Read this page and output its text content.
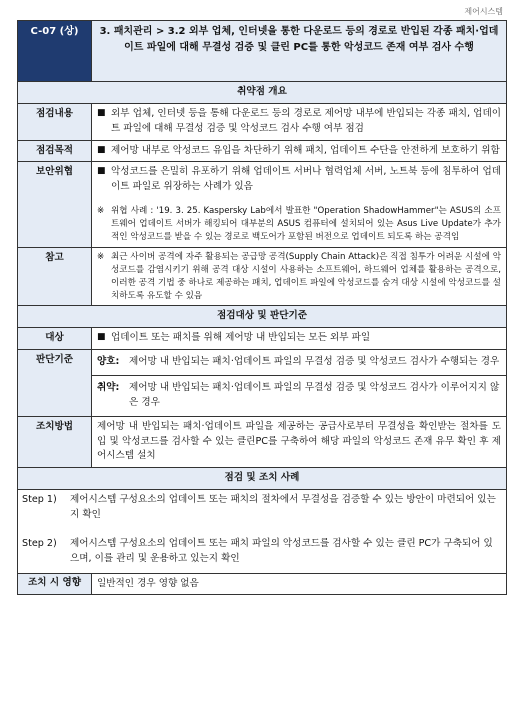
제어시스템
C-07 (상)	3. 패치관리 > 3.2 외부 업체, 인터넷을 통한 다운로드 등의 경로로 반입된 각종 패치·업데이트 파일에 대해 무결성 검증 및 클린 PC를 통한 악성코드 존재 여부 검사 수행
취약점 개요	
점검내용	■ 외부 업체, 인터넷 등을 통해 다운로드 등의 경로로 제어망 내부에 반입되는 각종 패치, 업데이트 파일에 대해 무결성 검증 및 악성코드 검사 수행 여부 점검

점검목적	■ 제어망 내부로 악성코드 유입을 차단하기 위해 패치, 업데이트 수단을 안전하게 보호하기 위함

보안위협	■ 악성코드를 은밀히 유포하기 위해 업데이트 서버나 협력업체 서버, 노트북 등에 침투하여 업데이트 파일로 위장하는 사례가 있음
※ 위협 사례 : '19. 3. 25. Kaspersky Lab에서 발표한 "Operation ShadowHammer"는 ASUS의 소프트웨어 업데이트 서버가 해킹되어 대부분의 ASUS 컴퓨터에 설치되어 있는 Asus Live Update가 추가적인 악성코드를 받을 수 있는 경로로 백도어가 포함된 버전으로 업데이트 되도록 하는 공격임

참고	※ 최근 사이버 공격에 자주 활용되는 공급망 공격(Supply Chain Attack)은 직접 침투가 어려운 시설에 악성코드를 감염시키기 위해 공격 대상 시설이 사용하는 소프트웨어, 하드웨어 업체를 활용하는 공격으로, 이러한 공격 기법 중 하나로 제공하는 패치, 업데이트 파일에 악성코드를 숨겨 대상 시설에 악성코드를 설치하도록 유도할 수 있음

점검대상 및 판단기준	
대상	■ 업데이트 또는 패치를 위해 제어망 내 반입되는 모든 외부 파일

판단기준	양호: 제어망 내 반입되는 패치·업데이트 파일의 무결성 검증 및 악성코드 검사가 수행되는 경우
취약: 제어망 내 반입되는 패치·업데이트 파일의 무결성 검증 및 악성코드 검사가 이루어지지 않은 경우

조치방법	제어망 내 반입되는 패치·업데이트 파일을 제공하는 공급사로부터 무결성을 확인받는 절차를 도입 및 악성코드를 검사할 수 있는 클린PC를 구축하여 해당 파일의 악성코드 존재 유무 확인 후 제어시스템 설치
점검 및 조치 사례	

Step 1) 제어시스템 구성요소의 업데이트 또는 패치의 절차에서 무결성을 검증할 수 있는 방안이 마련되어 있는지 확인
Step 2) 제어시스템 구성요소의 업데이트 또는 패치 파일의 악성코드를 검사할 수 있는 클린 PC가 구축되어 있으며, 이를 관리 및 운용하고 있는지 확인	

조치 시 영향	일반적인 경우 영향 없음
